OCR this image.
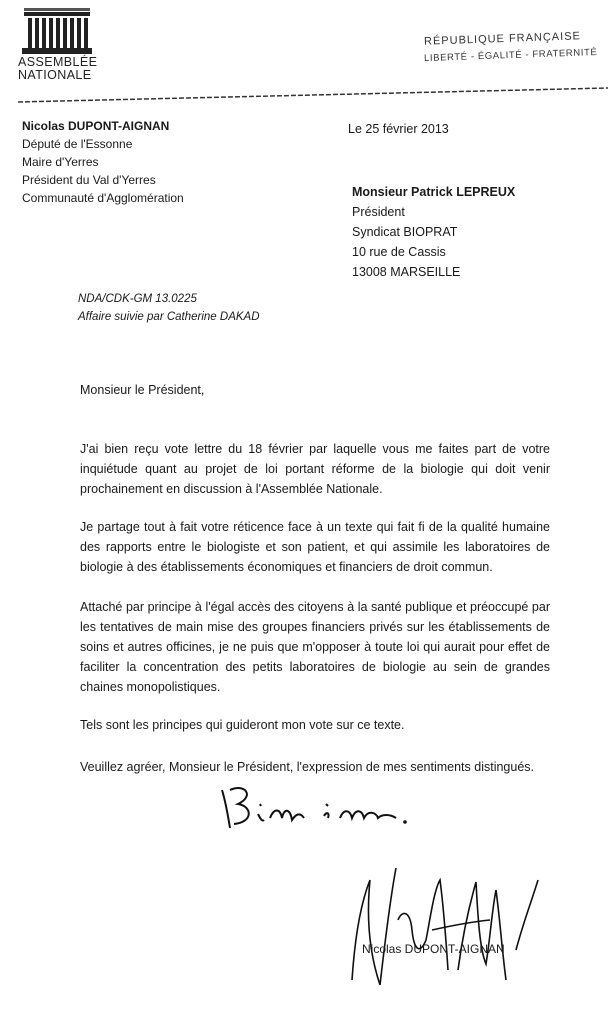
ASSEMBLÉE
NATIONALE
RÉPUBLIQUE FRANÇAISE
LIBERTÉ - ÉGALITÉ - FRATERNITÉ
Nicolas DUPONT-AIGNAN
Député de l'Essonne
Maire d'Yerres
Président du Val d'Yerres
Communauté d'Agglomération
Le 25 février 2013
Monsieur Patrick LEPREUX
Président
Syndicat BIOPRAT
10 rue de Cassis
13008 MARSEILLE
NDA/CDK-GM 13.0225
Affaire suivie par Catherine DAKAD
Monsieur le Président,

J'ai bien reçu vote lettre du 18 février par laquelle vous me faites part de votre inquiétude quant au projet de loi portant réforme de la biologie qui doit venir prochainement en discussion à l'Assemblée Nationale.

Je partage tout à fait votre réticence face à un texte qui fait fi de la qualité humaine des rapports entre le biologiste et son patient, et qui assimile les laboratoires de biologie à des établissements économiques et financiers de droit commun.

Attaché par principe à l'égal accès des citoyens à la santé publique et préoccupé par les tentatives de main mise des groupes financiers privés sur les établissements de soins et autres officines, je ne puis que m'opposer à toute loi qui aurait pour effet de faciliter la concentration des petits laboratoires de biologie au sein de grandes chaines monopolistiques.

Tels sont les principes qui guideront mon vote sur ce texte.

Veuillez agréer, Monsieur le Président, l'expression de mes sentiments distingués.

Nicolas DUPONT-AIGNAN
